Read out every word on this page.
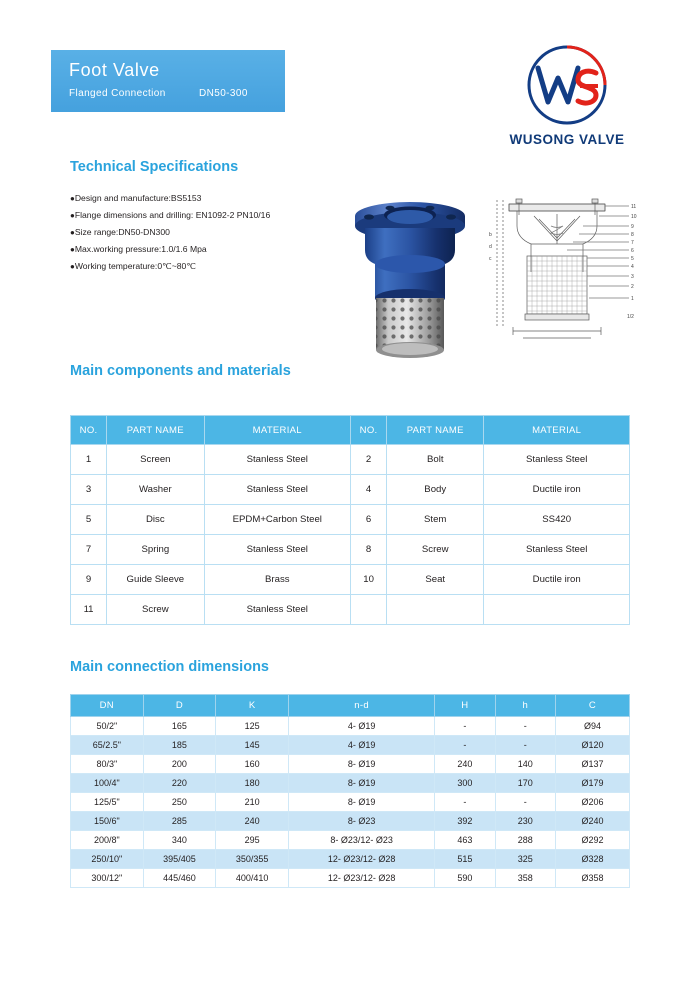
Foot Valve
Flanged Connection	DN50-300
WUSONG VALVE
Technical Specifications
●Design and manufacture:BS5153
●Flange dimensions and drilling: EN1092-2 PN10/16
●Size range:DN50-DN300
●Max.working pressure:1.0/1.6 Mpa
●Working temperature:0℃~80℃
11
10
9
8
7
6
5
4
3
2
1
b
d
c
1/2
Main components and materials
NO.	PART NAME	MATERIAL	NO.	PART NAME	MATERIAL
1	Screen	Stanless Steel	2	Bolt	Stanless Steel
3	Washer	Stanless Steel	4	Body	Ductile iron
5	Disc	EPDM+Carbon Steel	6	Stem	SS420
7	Spring	Stanless Steel	8	Screw	Stanless Steel
9	Guide Sleeve	Brass	10	Seat	Ductile iron
11	Screw	Stanless Steel			
Main connection dimensions
DN	D	K	n-d	H	h	C
50/2"	165	125	4- Ø19	-	-	Ø94
65/2.5"	185	145	4- Ø19	-	-	Ø120
80/3"	200	160	8- Ø19	240	140	Ø137
100/4"	220	180	8- Ø19	300	170	Ø179
125/5"	250	210	8- Ø19	-	-	Ø206
150/6"	285	240	8- Ø23	392	230	Ø240
200/8"	340	295	8- Ø23/12- Ø23	463	288	Ø292
250/10"	395/405	350/355	12- Ø23/12- Ø28	515	325	Ø328
300/12"	445/460	400/410	12- Ø23/12- Ø28	590	358	Ø358
